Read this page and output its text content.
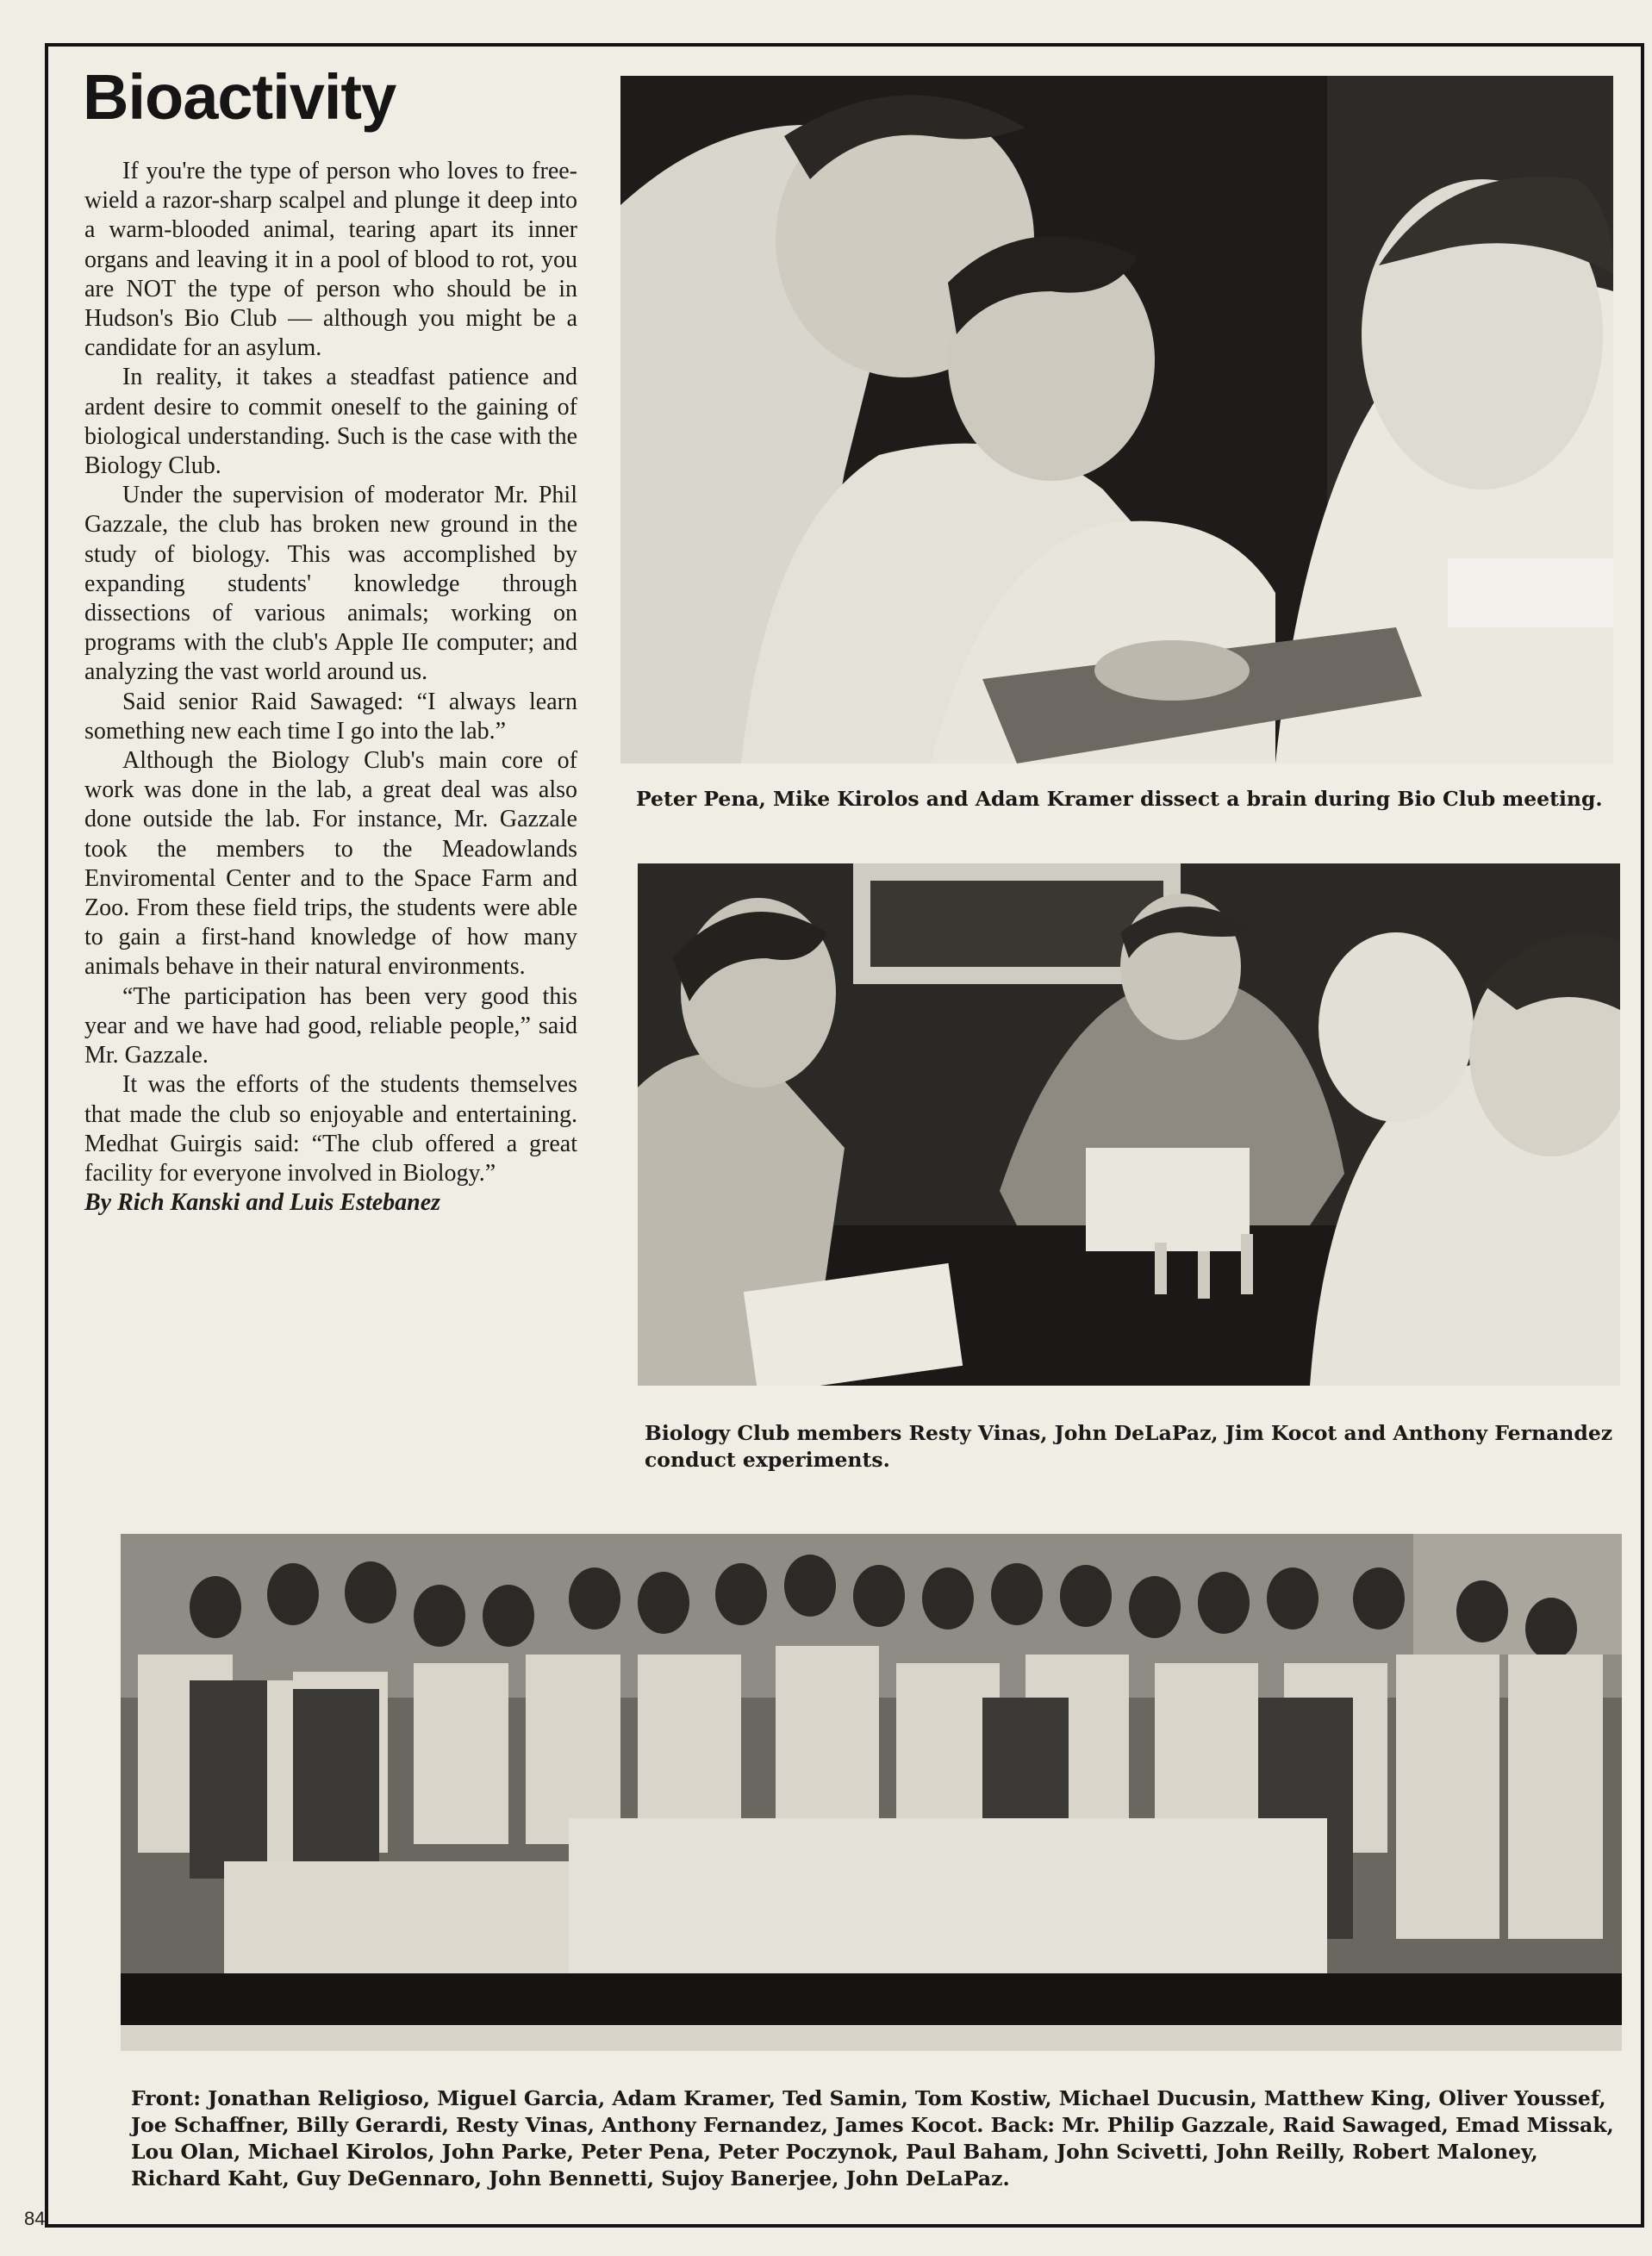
Bioactivity

If you're the type of person who loves to free-wield a razor-sharp scalpel and plunge it deep into a warm-blooded animal, tearing apart its inner organs and leaving it in a pool of blood to rot, you are NOT the type of person who should be in Hudson's Bio Club — although you might be a candidate for an asylum.

In reality, it takes a steadfast patience and ardent desire to commit oneself to the gaining of biological understanding. Such is the case with the Biology Club.

Under the supervision of moderator Mr. Phil Gazzale, the club has broken new ground in the study of biology. This was accomplished by expanding students' knowledge through dissections of various animals; working on programs with the club's Apple IIe computer; and analyzing the vast world around us.

Said senior Raid Sawaged: “I always learn something new each time I go into the lab.”

Although the Biology Club's main core of work was done in the lab, a great deal was also done outside the lab. For instance, Mr. Gazzale took the members to the Meadowlands Enviromental Center and to the Space Farm and Zoo. From these field trips, the students were able to gain a first-hand knowledge of how many animals behave in their natural environments.

“The participation has been very good this year and we have had good, reliable people,” said Mr. Gazzale.

It was the efforts of the students themselves that made the club so enjoyable and entertaining. Medhat Guirgis said: “The club offered a great facility for everyone involved in Biology.”

By Rich Kanski and Luis Estebanez

Peter Pena, Mike Kirolos and Adam Kramer dissect a brain during Bio Club meeting.
Biology Club members Resty Vinas, John DeLaPaz, Jim Kocot and Anthony Fernandez conduct experiments.
Front: Jonathan Religioso, Miguel Garcia, Adam Kramer, Ted Samin, Tom Kostiw, Michael Ducusin, Matthew King, Oliver Youssef, Joe Schaffner, Billy Gerardi, Resty Vinas, Anthony Fernandez, James Kocot. Back: Mr. Philip Gazzale, Raid Sawaged, Emad Missak, Lou Olan, Michael Kirolos, John Parke, Peter Pena, Peter Poczynok, Paul Baham, John Scivetti, John Reilly, Robert Maloney, Richard Kaht, Guy DeGennaro, John Bennetti, Sujoy Banerjee, John DeLaPaz.
84
